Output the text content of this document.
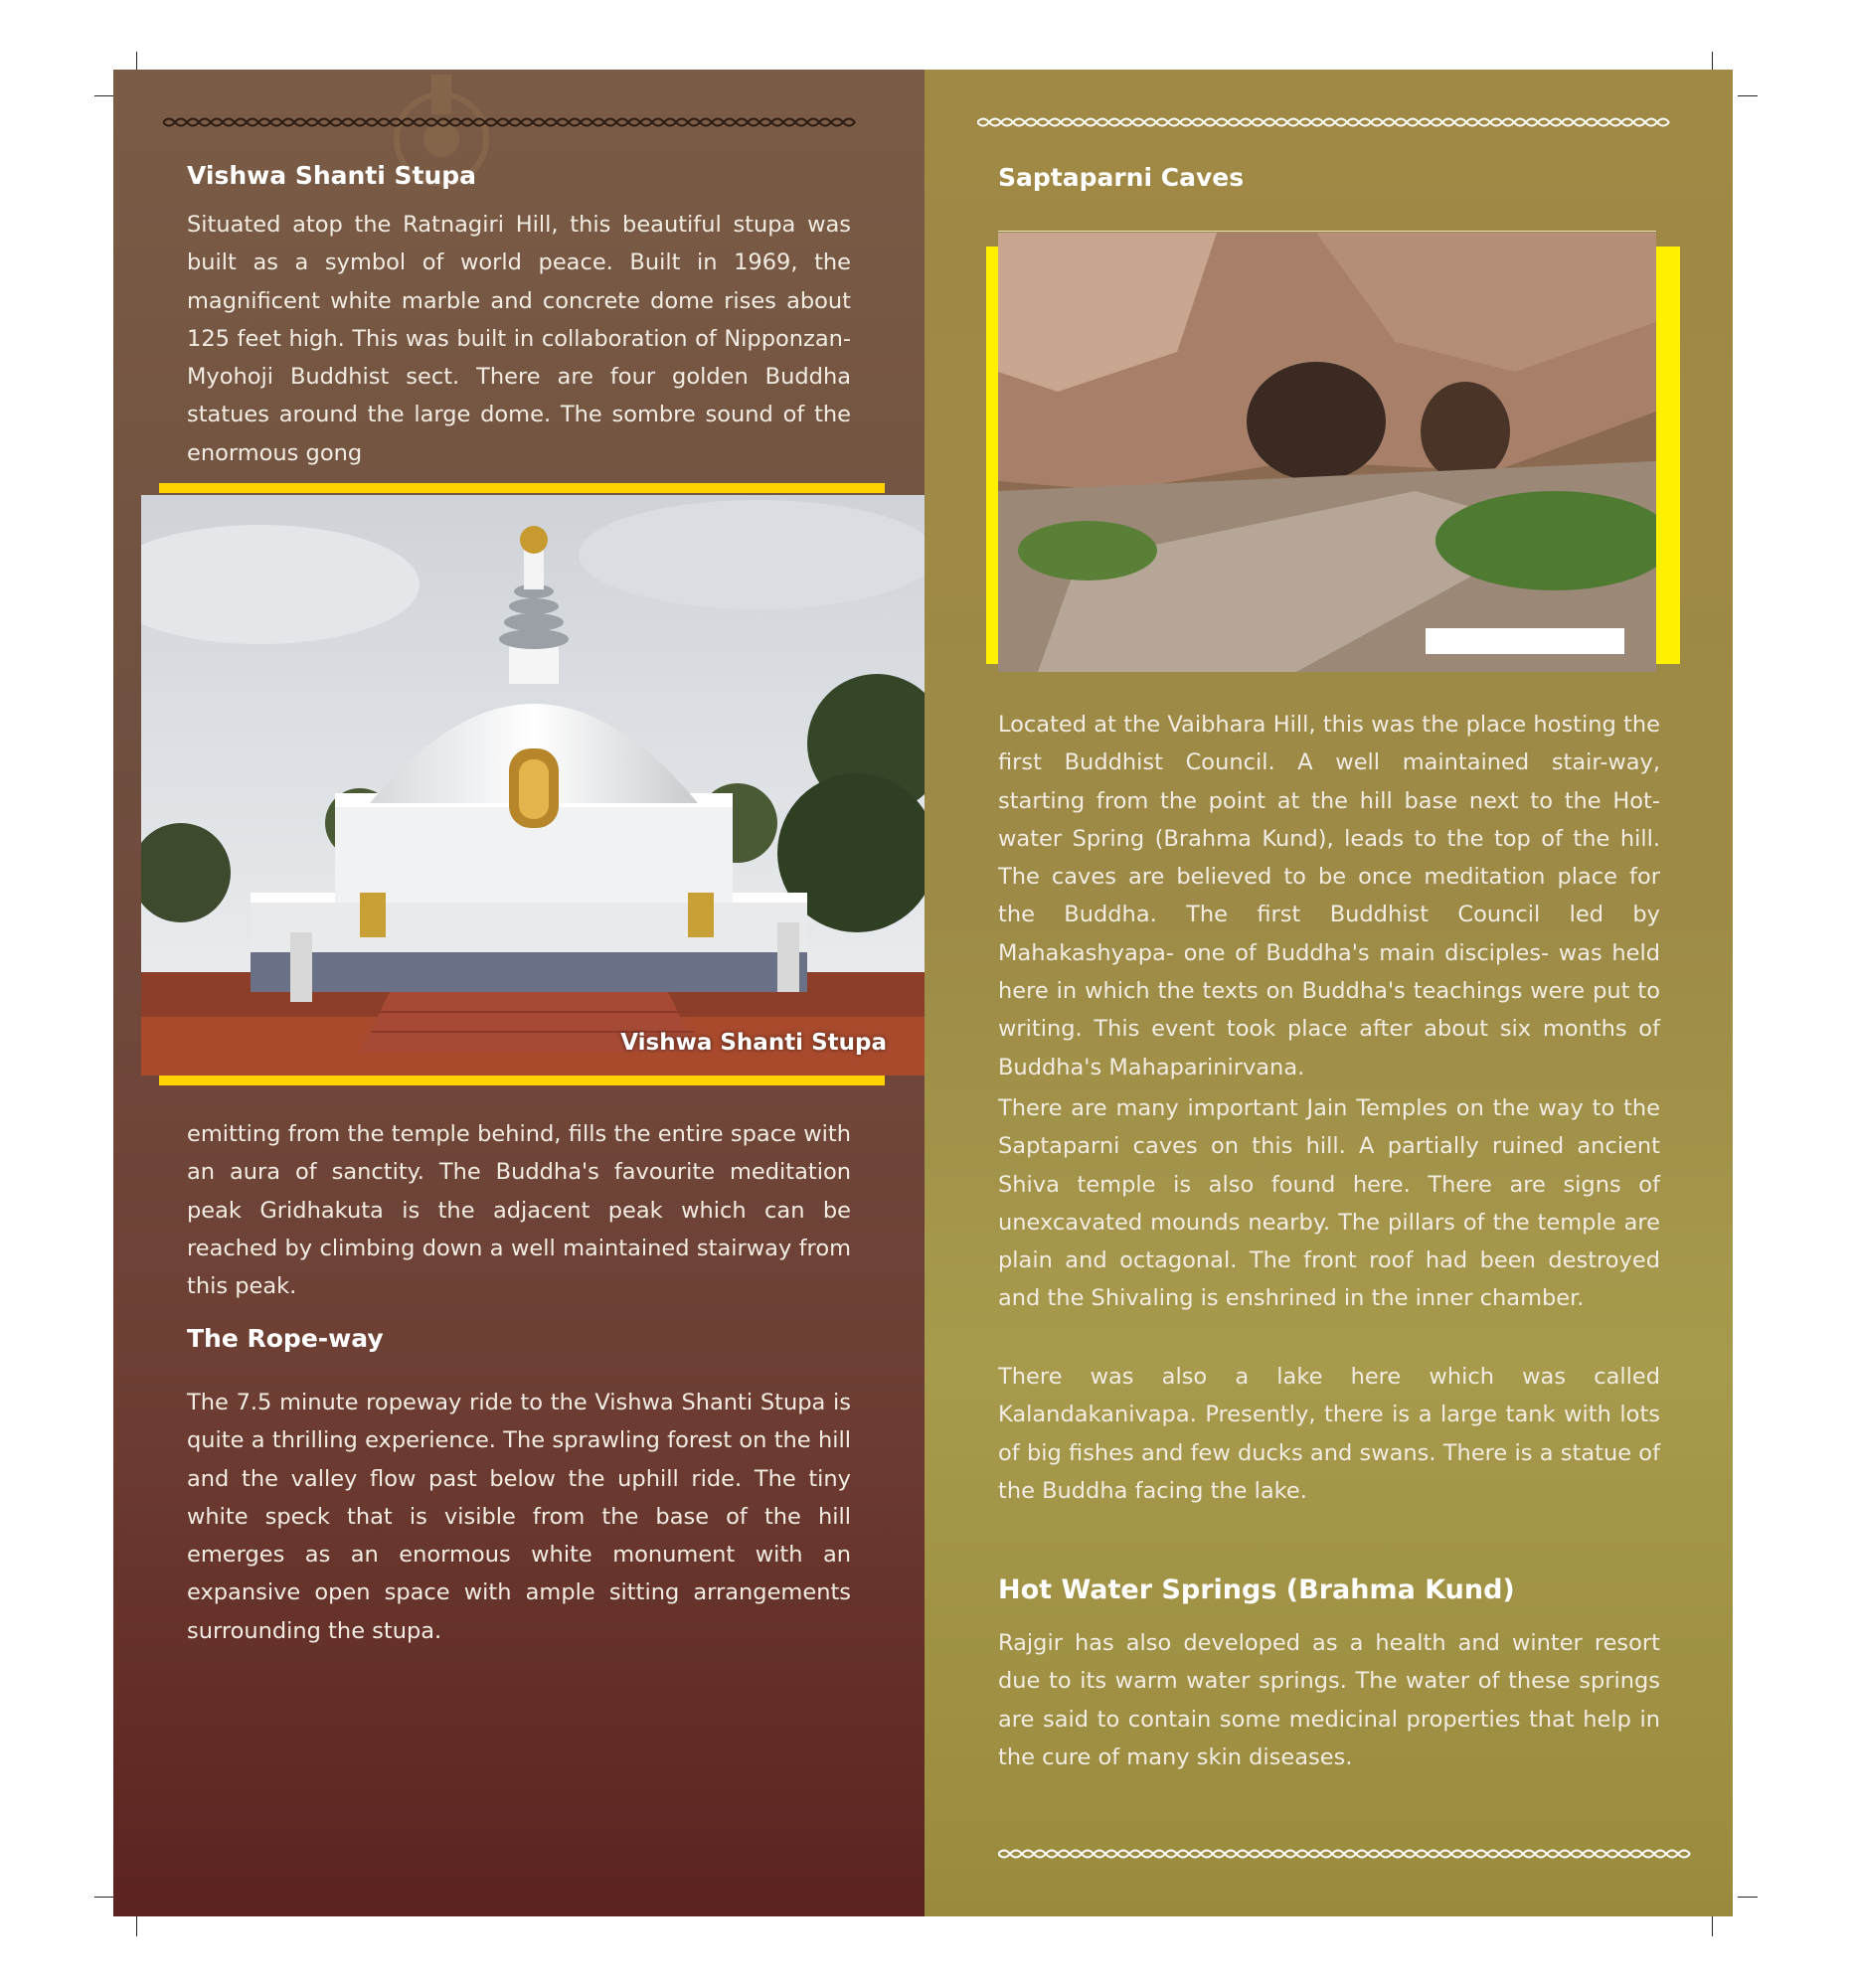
Vishwa Shanti Stupa

Situated atop the Ratnagiri Hill, this beautiful stupa was built as a symbol of world peace. Built in 1969, the magnificent white marble and concrete dome rises about 125 feet high. This was built in collaboration of Nipponzan-Myohoji Buddhist sect. There are four golden Buddha statues around the large dome. The sombre sound of the enormous gong

Vishwa Shanti Stupa

emitting from the temple behind, fills the entire space with an aura of sanctity. The Buddha's favourite meditation peak Gridhakuta is the adjacent peak which can be reached by climbing down a well maintained stairway from this peak.

The Rope-way

The 7.5 minute ropeway ride to the Vishwa Shanti Stupa is quite a thrilling experience. The sprawling forest on the hill and the valley flow past below the uphill ride. The tiny white speck that is visible from the base of the hill emerges as an enormous white monument with an expansive open space with ample sitting arrangements surrounding the stupa.

Saptaparni Caves

Located at the Vaibhara Hill, this was the place hosting the first Buddhist Council. A well maintained stair-way, starting from the point at the hill base next to the Hot-water Spring (Brahma Kund), leads to the top of the hill. The caves are believed to be once meditation place for the Buddha. The first Buddhist Council led by Mahakashyapa- one of Buddha's main disciples- was held here in which the texts on Buddha's teachings were put to writing. This event took place after about six months of Buddha's Mahaparinirvana.

There are many important Jain Temples on the way to the Saptaparni caves on this hill. A partially ruined ancient Shiva temple is also found here. There are signs of unexcavated mounds nearby. The pillars of the temple are plain and octagonal. The front roof had been destroyed and the Shivaling is enshrined in the inner chamber.

There was also a lake here which was called Kalandakanivapa. Presently, there is a large tank with lots of big fishes and few ducks and swans. There is a statue of the Buddha facing the lake.

Hot Water Springs (Brahma Kund)

Rajgir has also developed as a health and winter resort due to its warm water springs. The water of these springs are said to contain some medicinal properties that help in the cure of many skin diseases.
